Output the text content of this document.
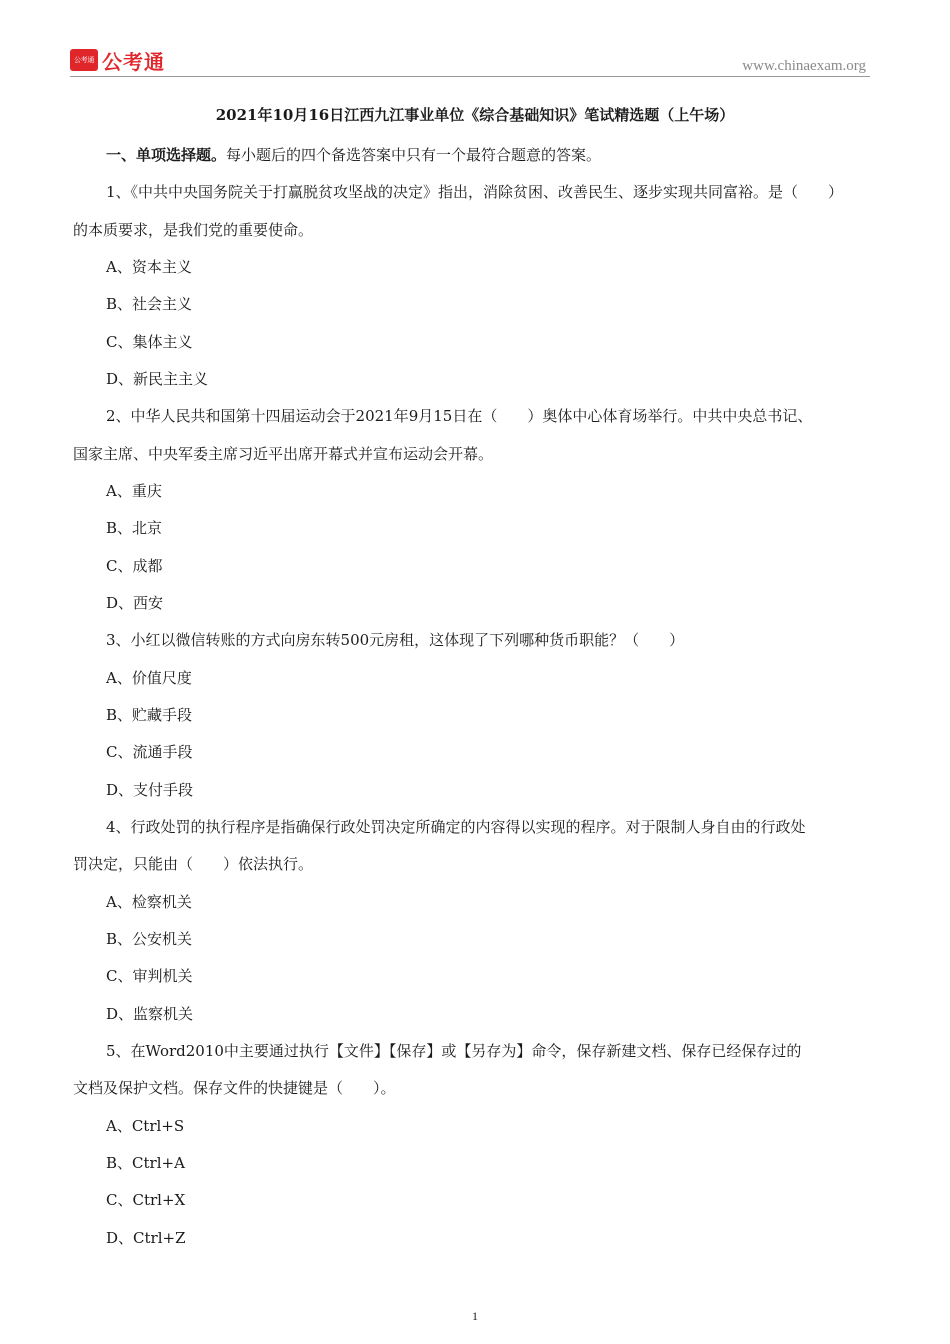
公考通 公考通	www.chinaexam.org
2021年10月16日江西九江事业单位《综合基础知识》笔试精选题（上午场）
一、单项选择题。每小题后的四个备选答案中只有一个最符合题意的答案。
1、《中共中央国务院关于打赢脱贫攻坚战的决定》指出，消除贫困、改善民生、逐步实现共同富裕。是（　　）
的本质要求，是我们党的重要使命。
A、资本主义
B、社会主义
C、集体主义
D、新民主主义
2、中华人民共和国第十四届运动会于2021年9月15日在（　　）奥体中心体育场举行。中共中央总书记、
国家主席、中央军委主席习近平出席开幕式并宣布运动会开幕。
A、重庆
B、北京
C、成都
D、西安
3、小红以微信转账的方式向房东转500元房租，这体现了下列哪种货币职能？（　　）
A、价值尺度
B、贮藏手段
C、流通手段
D、支付手段
4、行政处罚的执行程序是指确保行政处罚决定所确定的内容得以实现的程序。对于限制人身自由的行政处
罚决定，只能由（　　）依法执行。
A、检察机关
B、公安机关
C、审判机关
D、监察机关
5、在Word2010中主要通过执行【文件】【保存】或【另存为】命令，保存新建文档、保存已经保存过的
文档及保护文档。保存文件的快捷键是（　　）。
A、Ctrl+S
B、Ctrl+A
C、Ctrl+X
D、Ctrl+Z
1
